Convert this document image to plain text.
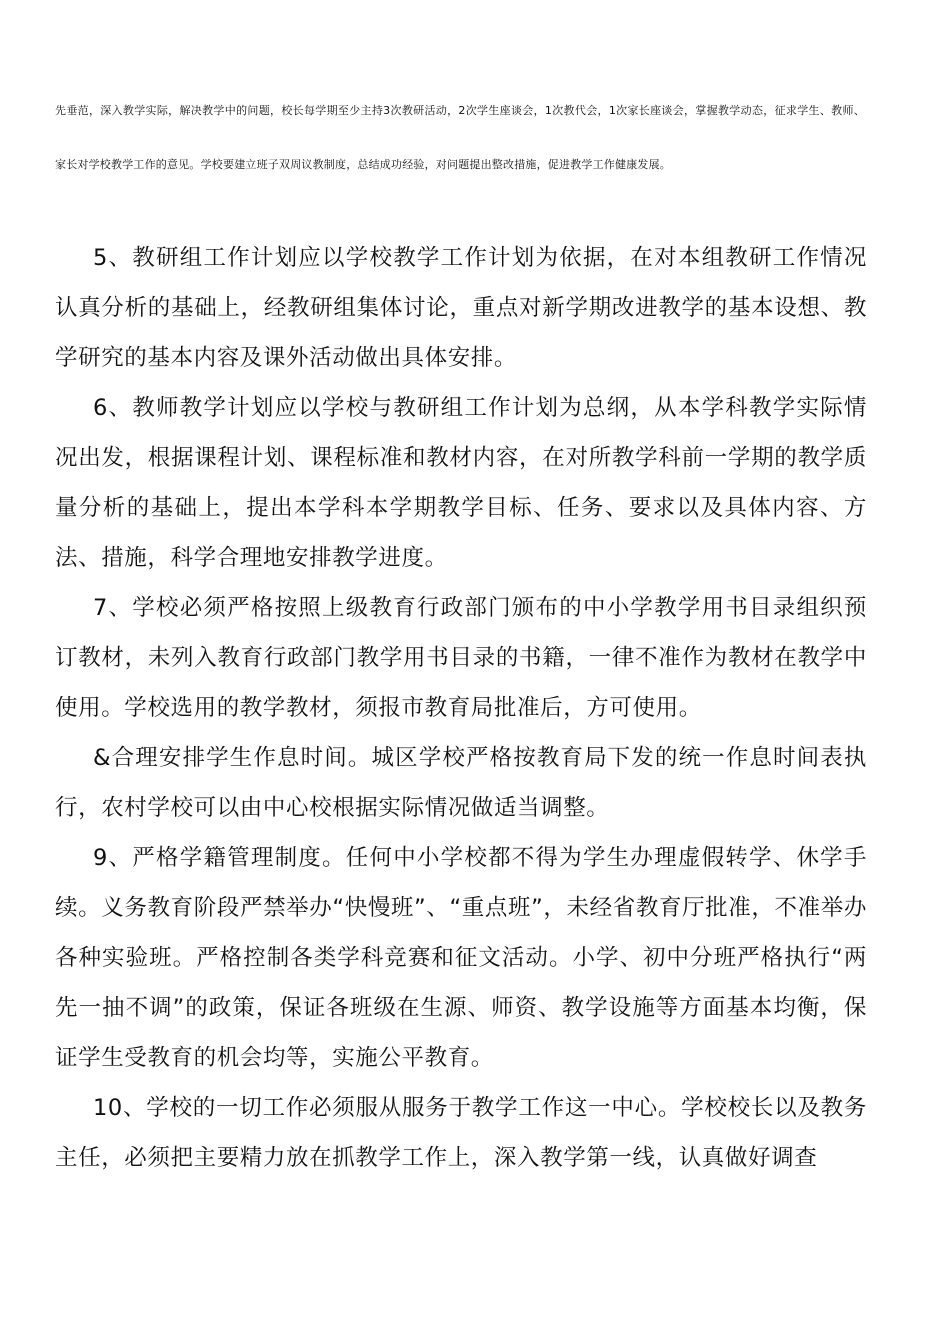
先垂范，深入教学实际，解决教学中的问题，校长每学期至少主持3次教研活动，2次学生座谈会，1次教代会，1次家长座谈会，掌握教学动态，征求学生、教师、家长对学校教学工作的意见。学校要建立班子双周议教制度，总结成功经验，对问题提出整改措施，促进教学工作健康发展。

5、教研组工作计划应以学校教学工作计划为依据，在对本组教研工作情况认真分析的基础上，经教研组集体讨论，重点对新学期改进教学的基本设想、教学研究的基本内容及课外活动做出具体安排。

6、教师教学计划应以学校与教研组工作计划为总纲，从本学科教学实际情况出发，根据课程计划、课程标准和教材内容，在对所教学科前一学期的教学质量分析的基础上，提出本学科本学期教学目标、任务、要求以及具体内容、方法、措施，科学合理地安排教学进度。

7、学校必须严格按照上级教育行政部门颁布的中小学教学用书目录组织预订教材，未列入教育行政部门教学用书目录的书籍，一律不准作为教材在教学中使用。学校选用的教学教材，须报市教育局批准后，方可使用。

&合理安排学生作息时间。城区学校严格按教育局下发的统一作息时间表执行，农村学校可以由中心校根据实际情况做适当调整。

9、严格学籍管理制度。任何中小学校都不得为学生办理虚假转学、休学手续。义务教育阶段严禁举办“快慢班”、“重点班”，未经省教育厅批准，不准举办各种实验班。严格控制各类学科竞赛和征文活动。小学、初中分班严格执行“两先一抽不调”的政策，保证各班级在生源、师资、教学设施等方面基本均衡，保证学生受教育的机会均等，实施公平教育。

10、学校的一切工作必须服从服务于教学工作这一中心。学校校长以及教务主任，必须把主要精力放在抓教学工作上，深入教学第一线，认真做好调查
